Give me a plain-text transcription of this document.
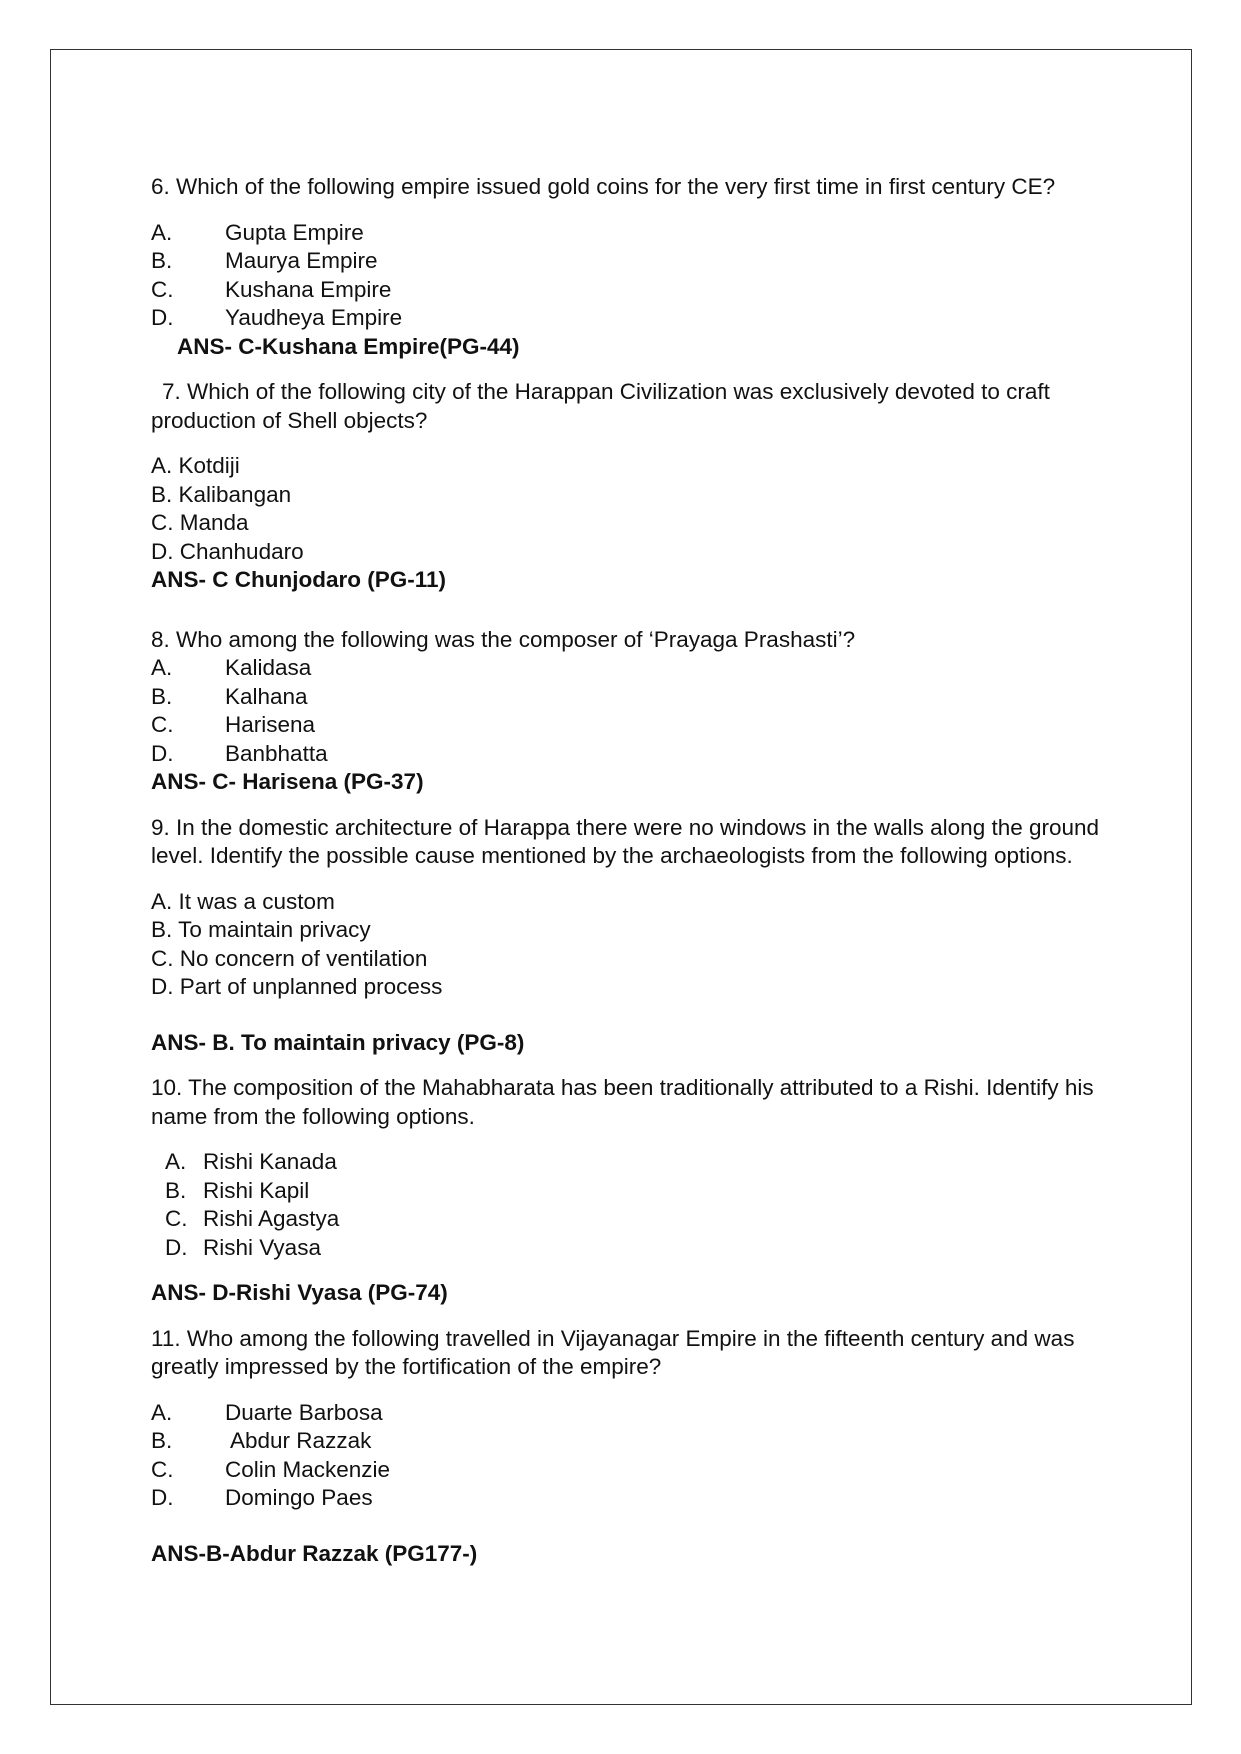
6. Which of the following empire issued gold coins for the very first time in first century CE?

A.	Gupta Empire
B.	Maurya Empire
C.	Kushana Empire
D.	Yaudheya Empire

ANS- C-Kushana Empire(PG-44)

7. Which of the following city of the Harappan Civilization was exclusively devoted to craft production of Shell objects?

A. Kotdiji

B. Kalibangan

C. Manda

D. Chanhudaro

ANS- C Chunjodaro (PG-11)

8. Who among the following was the composer of ‘Prayaga Prashasti’?

A.	Kalidasa
B.	Kalhana
C.	Harisena
D.	Banbhatta

ANS- C- Harisena (PG-37)

9. In the domestic architecture of Harappa there were no windows in the walls along the ground level. Identify the possible cause mentioned by the archaeologists from the following options.

A. It was a custom

B. To maintain privacy

C. No concern of ventilation

D. Part of unplanned process

ANS- B. To maintain privacy (PG-8)

10. The composition of the Mahabharata has been traditionally attributed to a Rishi. Identify his name from the following options.

A. Rishi Kanada
B. Rishi Kapil
C. Rishi Agastya
D. Rishi Vyasa

ANS- D-Rishi Vyasa (PG-74)

11. Who among the following travelled in Vijayanagar Empire in the fifteenth century and was greatly impressed by the fortification of the empire?

A.	Duarte Barbosa
B.	Abdur Razzak
C.	Colin Mackenzie
D.	Domingo Paes

ANS-B-Abdur Razzak (PG177-)
